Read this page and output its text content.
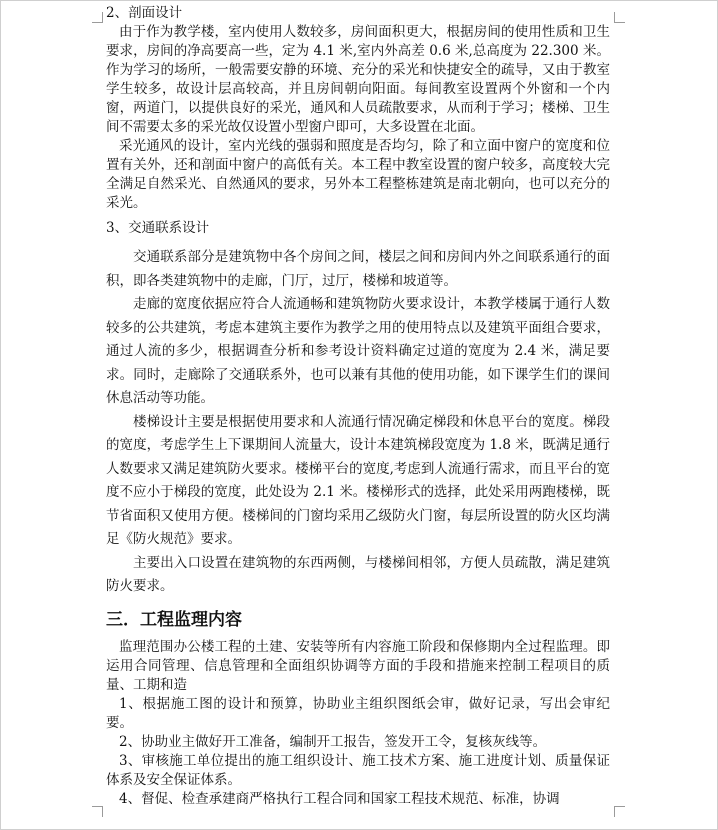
2、剖面设计

由于作为教学楼，室内使用人数较多，房间面积更大，根据房间的使用性质和卫生要求，房间的净高要高一些，定为 4.1 米,室内外高差 0.6 米,总高度为 22.300 米。作为学习的场所，一般需要安静的环境、充分的采光和快捷安全的疏导，又由于教室学生较多，故设计层高较高，并且房间朝向阳面。每间教室设置两个外窗和一个内窗，两道门，以提供良好的采光，通风和人员疏散要求，从而利于学习；楼梯、卫生间不需要太多的采光故仅设置小型窗户即可，大多设置在北面。

采光通风的设计，室内光线的强弱和照度是否均匀，除了和立面中窗户的宽度和位置有关外，还和剖面中窗户的高低有关。本工程中教室设置的窗户较多，高度较大完全满足自然采光、自然通风的要求，另外本工程整栋建筑是南北朝向，也可以充分的采光。

3、交通联系设计

交通联系部分是建筑物中各个房间之间，楼层之间和房间内外之间联系通行的面积，即各类建筑物中的走廊，门厅，过厅，楼梯和坡道等。

走廊的宽度依据应符合人流通畅和建筑物防火要求设计，本教学楼属于通行人数较多的公共建筑，考虑本建筑主要作为教学之用的使用特点以及建筑平面组合要求，通过人流的多少，根据调查分析和参考设计资料确定过道的宽度为 2.4 米，满足要求。同时，走廊除了交通联系外，也可以兼有其他的使用功能，如下课学生们的课间休息活动等功能。

楼梯设计主要是根据使用要求和人流通行情况确定梯段和休息平台的宽度。梯段的宽度，考虑学生上下课期间人流量大，设计本建筑梯段宽度为 1.8 米，既满足通行人数要求又满足建筑防火要求。楼梯平台的宽度,考虑到人流通行需求，而且平台的宽度不应小于梯段的宽度，此处设为 2.1 米。楼梯形式的选择，此处采用两跑楼梯，既节省面积又使用方便。楼梯间的门窗均采用乙级防火门窗，每层所设置的防火区均满足《防火规范》要求。

主要出入口设置在建筑物的东西两侧，与楼梯间相邻，方便人员疏散，满足建筑防火要求。

三．工程监理内容

监理范围办公楼工程的土建、安装等所有内容施工阶段和保修期内全过程监理。即运用合同管理、信息管理和全面组织协调等方面的手段和措施来控制工程项目的质量、工期和造

1、根据施工图的设计和预算，协助业主组织图纸会审，做好记录，写出会审纪要。

2、协助业主做好开工准备，编制开工报告，签发开工令，复核灰线等。

3、审核施工单位提出的施工组织设计、施工技术方案、施工进度计划、质量保证体系及安全保证体系。

4、督促、检查承建商严格执行工程合同和国家工程技术规范、标准，协调
